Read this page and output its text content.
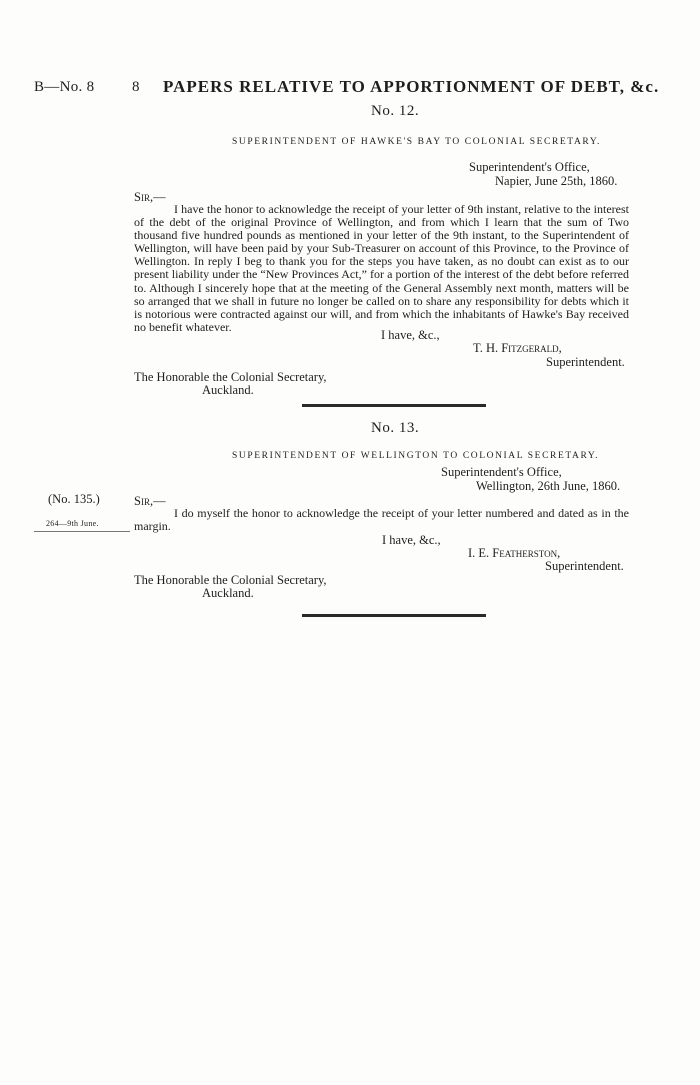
B—No. 8	8 PAPERS RELATIVE TO APPORTIONMENT OF DEBT, &c.
No. 12.
SUPERINTENDENT OF HAWKE'S BAY TO COLONIAL SECRETARY.
Superintendent's Office,
Napier, June 25th, 1860.
Sir,—
I have the honor to acknowledge the receipt of your letter of 9th instant, relative to the interest of the debt of the original Province of Wellington, and from which I learn that the sum of Two thousand five hundred pounds as mentioned in your letter of the 9th instant, to the Superintendent of Wellington, will have been paid by your Sub-Treasurer on account of this Province, to the Province of Wellington. In reply I beg to thank you for the steps you have taken, as no doubt can exist as to our present liability under the “New Provinces Act,” for a portion of the interest of the debt before referred to. Although I sincerely hope that at the meeting of the General Assembly next month, matters will be so arranged that we shall in future no longer be called on to share any responsibility for debts which it is notorious were contracted against our will, and from which the inhabitants of Hawke's Bay received no benefit whatever.
I have, &c.,
T. H. Fitzgerald,
Superintendent.
The Honorable the Colonial Secretary,
Auckland.
No. 13.
SUPERINTENDENT OF WELLINGTON TO COLONIAL SECRETARY.
Superintendent's Office,
Wellington, 26th June, 1860.
(No. 135.)
264—9th June.
Sir,—
I do myself the honor to acknowledge the receipt of your letter numbered and dated as in the margin.
I have, &c.,
I. E. Featherston,
Superintendent.
The Honorable the Colonial Secretary,
Auckland.
